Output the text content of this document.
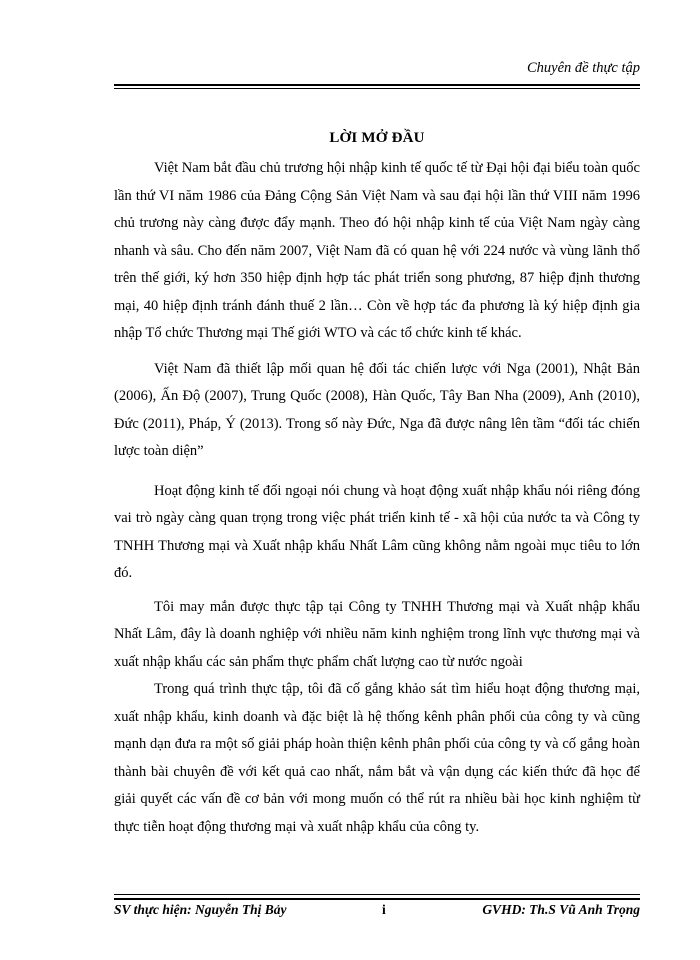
Chuyên đề thực tập
LỜI MỞ ĐẦU

Việt Nam bắt đầu chủ trương hội nhập kinh tế quốc tế từ Đại hội đại biểu toàn quốc lần thứ VI năm 1986 của Đảng Cộng Sản Việt Nam và sau đại hội lần thứ VIII năm 1996 chủ trương này càng được đẩy mạnh. Theo đó hội nhập kinh tế của Việt Nam ngày càng nhanh và sâu. Cho đến năm 2007, Việt Nam đã có quan hệ với 224 nước và vùng lãnh thổ trên thế giới, ký hơn 350 hiệp định hợp tác phát triển song phương, 87 hiệp định thương mại, 40 hiệp định tránh đánh thuế 2 lần… Còn về hợp tác đa phương là ký hiệp định gia nhập Tổ chức Thương mại Thế giới WTO và các tổ chức kinh tế khác.

Việt Nam đã thiết lập mối quan hệ đối tác chiến lược với Nga (2001), Nhật Bản (2006), Ấn Độ (2007), Trung Quốc (2008), Hàn Quốc, Tây Ban Nha (2009), Anh (2010), Đức (2011), Pháp, Ý (2013). Trong số này Đức, Nga đã được nâng lên tầm “đối tác chiến lược toàn diện”

Hoạt động kinh tế đối ngoại nói chung và hoạt động xuất nhập khẩu nói riêng đóng vai trò ngày càng quan trọng trong việc phát triển kinh tế - xã hội của nước ta và Công ty TNHH Thương mại và Xuất nhập khẩu Nhất Lâm cũng không nằm ngoài mục tiêu to lớn đó.

Tôi may mắn được thực tập tại Công ty TNHH Thương mại và Xuất nhập khẩu Nhất Lâm, đây là doanh nghiệp với nhiều năm kinh nghiệm trong lĩnh vực thương mại và xuất nhập khẩu các sản phẩm thực phẩm chất lượng cao từ nước ngoài

Trong quá trình thực tập, tôi đã cố gắng khảo sát tìm hiểu hoạt động thương mại, xuất nhập khẩu, kinh doanh và đặc biệt là hệ thống kênh phân phối của công ty và cũng mạnh dạn đưa ra một số giải pháp hoàn thiện kênh phân phối của công ty và cố gắng hoàn thành bài chuyên đề với kết quả cao nhất, nắm bắt và vận dụng các kiến thức đã học để giải quyết các vấn đề cơ bản với mong muốn có thể rút ra nhiều bài học kinh nghiệm từ thực tiễn hoạt động thương mại và xuất nhập khẩu của công ty.

SV thực hiện: Nguyễn Thị Bảy	i	GVHD: Th.S Vũ Anh Trọng
